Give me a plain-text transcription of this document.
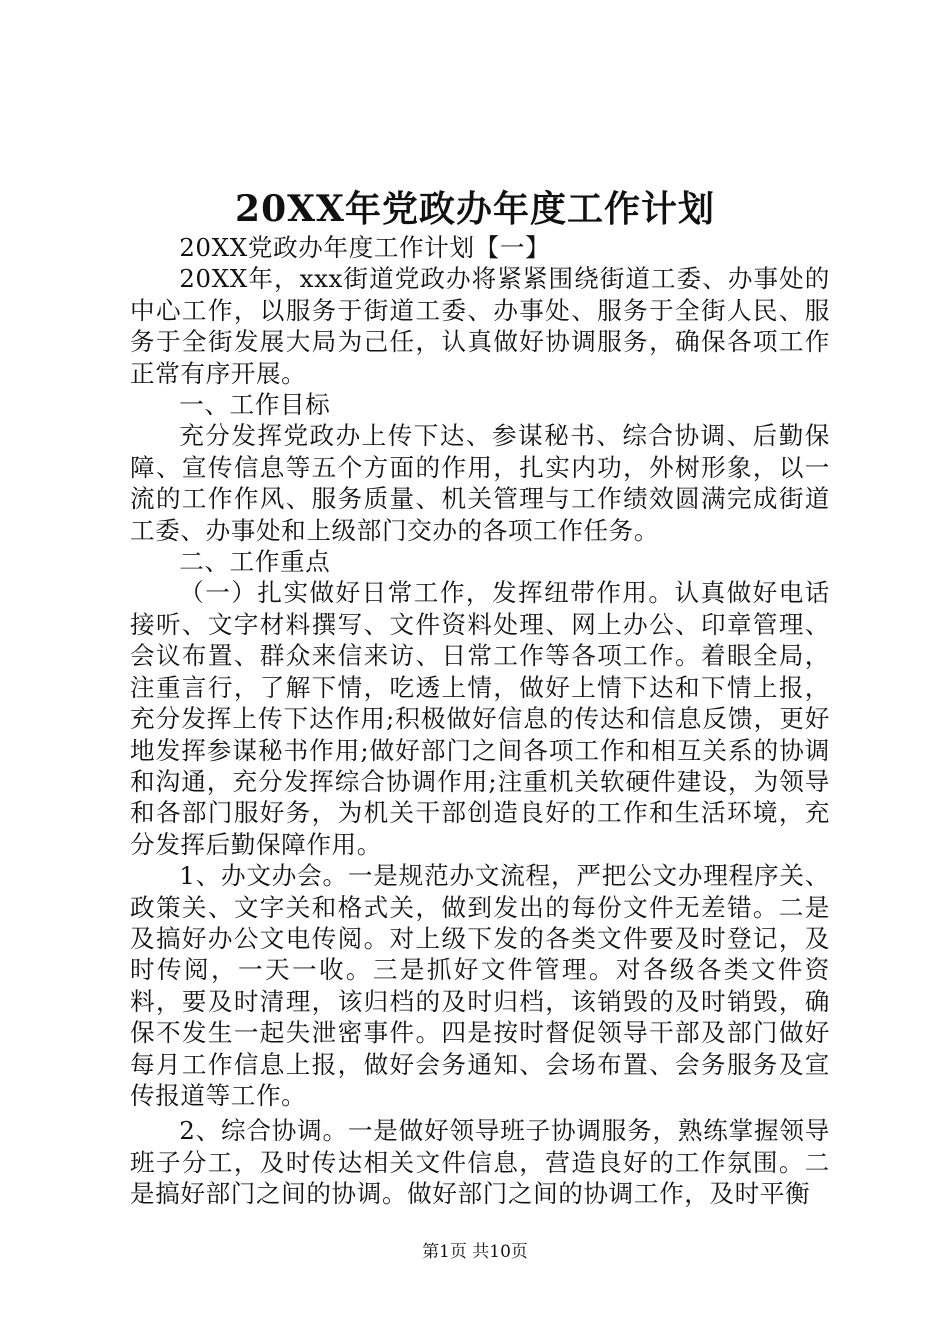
20XX年党政办年度工作计划

20XX党政办年度工作计划【一】

20XX年，xxx街道党政办将紧紧围绕街道工委、办事处的中心工作，以服务于街道工委、办事处、服务于全街人民、服务于全街发展大局为己任，认真做好协调服务，确保各项工作正常有序开展。

一、工作目标

充分发挥党政办上传下达、参谋秘书、综合协调、后勤保障、宣传信息等五个方面的作用，扎实内功，外树形象，以一流的工作作风、服务质量、机关管理与工作绩效圆满完成街道工委、办事处和上级部门交办的各项工作任务。

二、工作重点

（一）扎实做好日常工作，发挥纽带作用。认真做好电话接听、文字材料撰写、文件资料处理、网上办公、印章管理、会议布置、群众来信来访、日常工作等各项工作。着眼全局，注重言行，了解下情，吃透上情，做好上情下达和下情上报，充分发挥上传下达作用;积极做好信息的传达和信息反馈，更好地发挥参谋秘书作用;做好部门之间各项工作和相互关系的协调和沟通，充分发挥综合协调作用;注重机关软硬件建设，为领导和各部门服好务，为机关干部创造良好的工作和生活环境，充分发挥后勤保障作用。

1、办文办会。一是规范办文流程，严把公文办理程序关、政策关、文字关和格式关，做到发出的每份文件无差错。二是及搞好办公文电传阅。对上级下发的各类文件要及时登记，及时传阅，一天一收。三是抓好文件管理。对各级各类文件资料，要及时清理，该归档的及时归档，该销毁的及时销毁，确保不发生一起失泄密事件。四是按时督促领导干部及部门做好每月工作信息上报，做好会务通知、会场布置、会务服务及宣传报道等工作。

2、综合协调。一是做好领导班子协调服务，熟练掌握领导班子分工，及时传达相关文件信息，营造良好的工作氛围。二是搞好部门之间的协调。做好部门之间的协调工作，及时平衡

第1页 共10页
